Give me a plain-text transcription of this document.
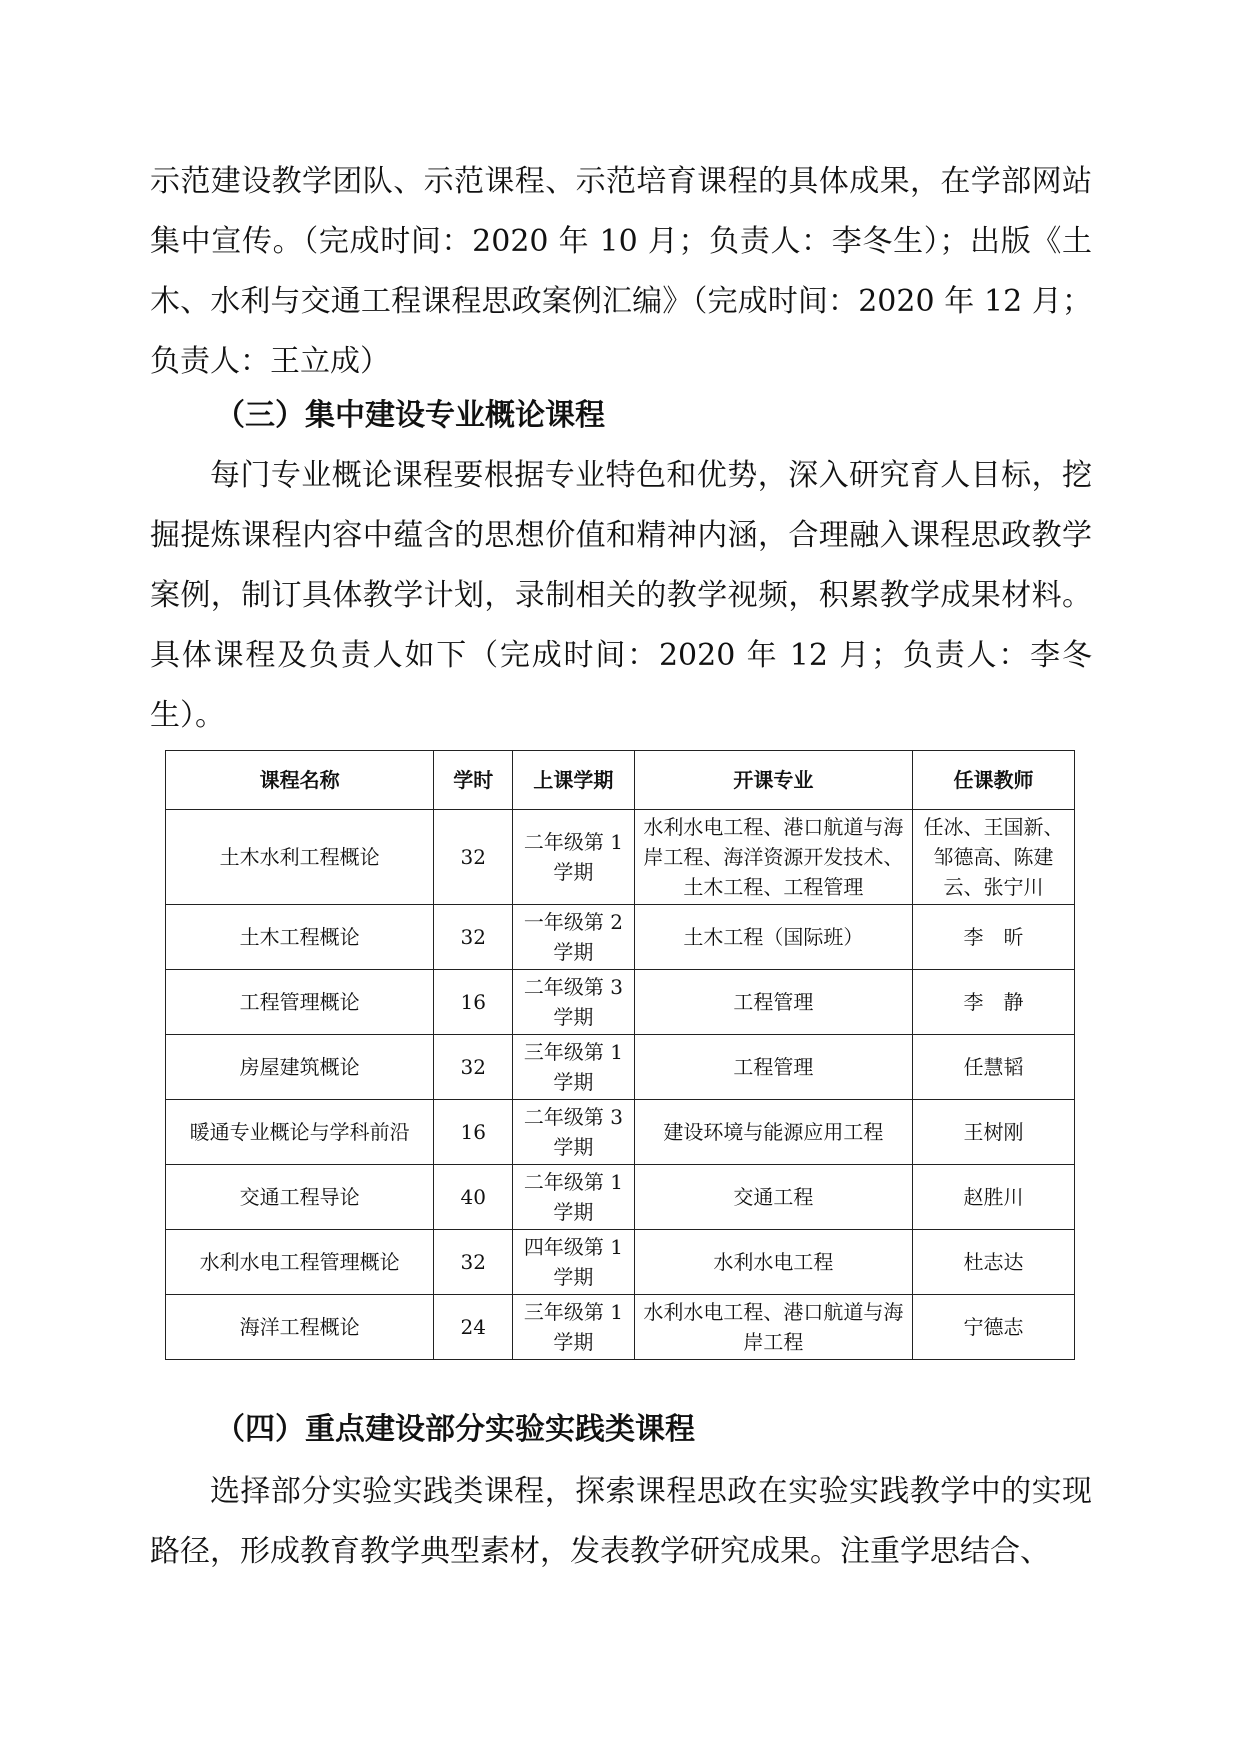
示范建设教学团队、示范课程、示范培育课程的具体成果，在学部网站集中宣传。（完成时间：2020 年 10 月；负责人：李冬生）；出版《土木、水利与交通工程课程思政案例汇编》（完成时间：2020 年 12 月；负责人：王立成）

（三）集中建设专业概论课程

每门专业概论课程要根据专业特色和优势，深入研究育人目标，挖掘提炼课程内容中蕴含的思想价值和精神内涵，合理融入课程思政教学案例，制订具体教学计划，录制相关的教学视频，积累教学成果材料。具体课程及负责人如下（完成时间：2020 年 12 月；负责人：李冬生）。

课程名称	学时	上课学期	开课专业	任课教师
土木水利工程概论	32	二年级第 1 学期	水利水电工程、港口航道与海岸工程、海洋资源开发技术、土木工程、工程管理	任冰、王国新、邹德高、陈建云、张宁川
土木工程概论	32	一年级第 2 学期	土木工程（国际班）	李　昕
工程管理概论	16	二年级第 3 学期	工程管理	李　静
房屋建筑概论	32	三年级第 1 学期	工程管理	任慧韬
暖通专业概论与学科前沿	16	二年级第 3 学期	建设环境与能源应用工程	王树刚
交通工程导论	40	二年级第 1 学期	交通工程	赵胜川
水利水电工程管理概论	32	四年级第 1 学期	水利水电工程	杜志达
海洋工程概论	24	三年级第 1 学期	水利水电工程、港口航道与海岸工程	宁德志
（四）重点建设部分实验实践类课程

选择部分实验实践类课程，探索课程思政在实验实践教学中的实现路径，形成教育教学典型素材，发表教学研究成果。注重学思结合、
